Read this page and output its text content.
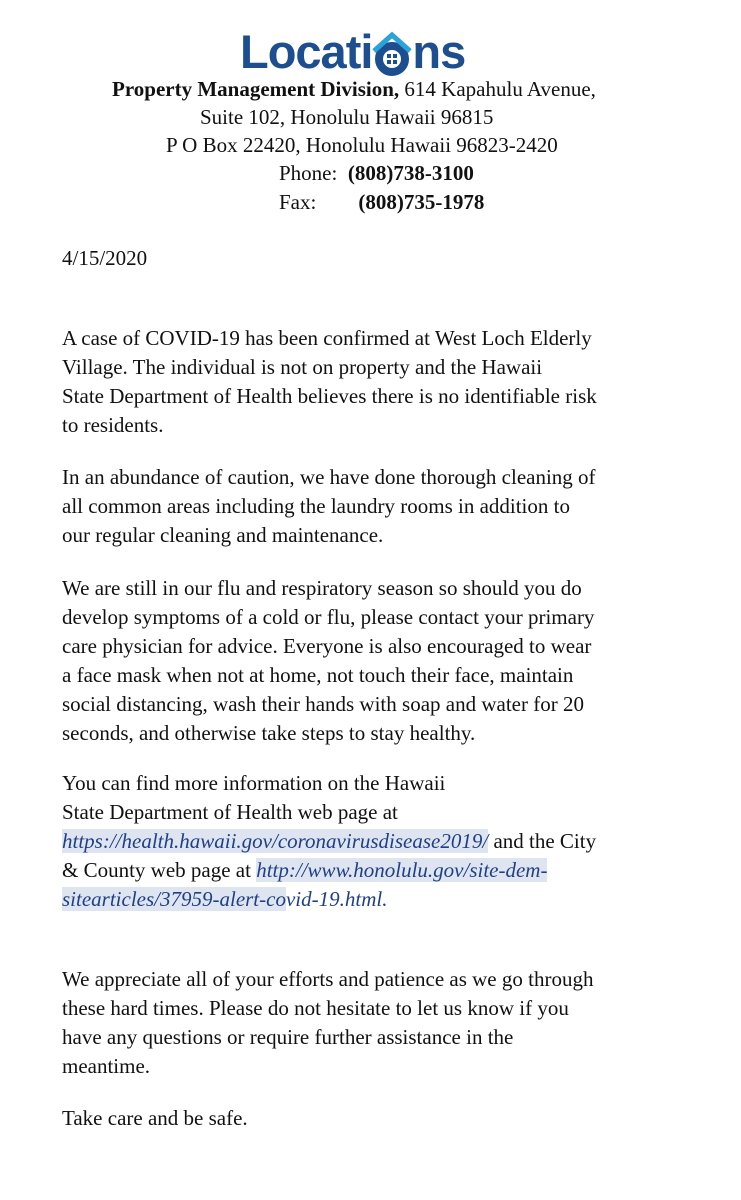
Locati ns
Property Management Division, 614 Kapahulu Avenue,
Suite 102, Honolulu Hawaii 96815
P O Box 22420, Honolulu Hawaii 96823-2420
Phone: (808)738-3100
Fax: (808)735-1978
4/15/2020
A case of COVID-19 has been confirmed at West Loch Elderly
Village. The individual is not on property and the Hawaii
State Department of Health believes there is no identifiable risk
to residents.
In an abundance of caution, we have done thorough cleaning of
all common areas including the laundry rooms in addition to
our regular cleaning and maintenance.
We are still in our flu and respiratory season so should you do
develop symptoms of a cold or flu, please contact your primary
care physician for advice. Everyone is also encouraged to wear
a face mask when not at home, not touch their face, maintain
social distancing, wash their hands with soap and water for 20
seconds, and otherwise take steps to stay healthy.
You can find more information on the Hawaii
State Department of Health web page at
https://health.hawaii.gov/coronavirusdisease2019/ and the City
& County web page at http://www.honolulu.gov/site-dem-
sitearticles/37959-alert-covid-19.html.
We appreciate all of your efforts and patience as we go through
these hard times. Please do not hesitate to let us know if you
have any questions or require further assistance in the
meantime.
Take care and be safe.
